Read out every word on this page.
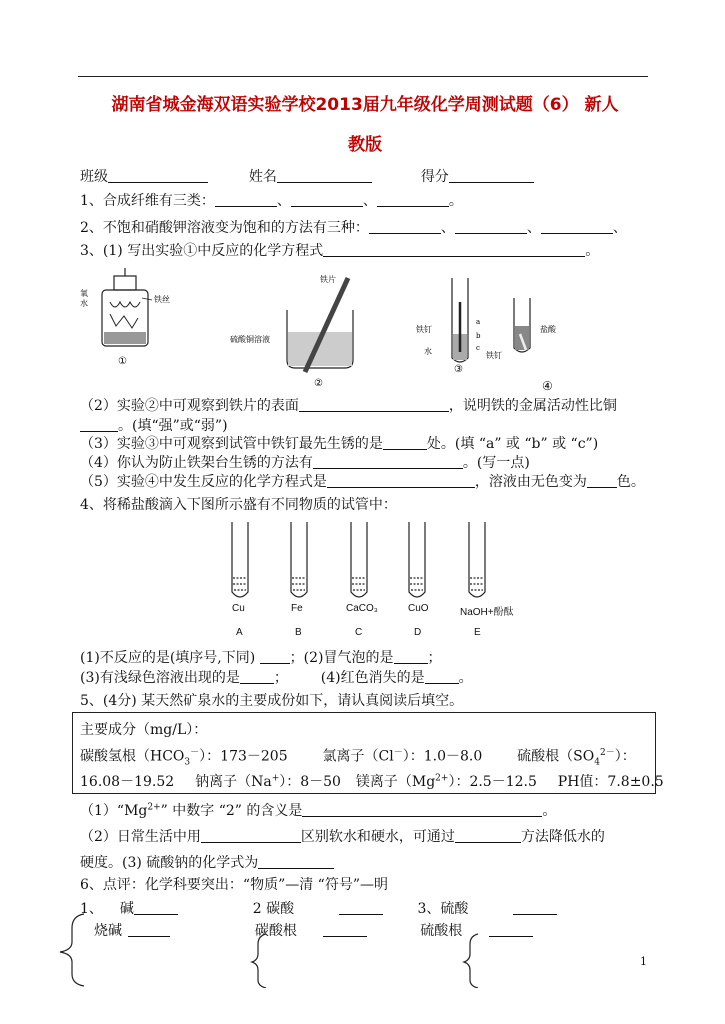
湖南省城金海双语实验学校2013届九年级化学周测试题（6） 新人
教版
班级	姓名	得分
1、合成纤维有三类：	、	、	。
2、不饱和硝酸钾溶液变为饱和的方法有三种：	、	、	、
3、(1) 写出实验①中反应的化学方程式	。
氧
水	铁丝
①
铁片
硫酸铜溶液
②
铁钉
水
a
b
c
③
盐酸
铁钉
④
（2）实验②中可观察到铁片的表面	，说明铁的金属活动性比铜
。(填“强”或“弱”)
（3）实验③中可观察到试管中铁钉最先生锈的是	处。(填 “a” 或 “b” 或 “c”)
（4）你认为防止铁架台生锈的方法有	。(写一点)
（5）实验④中发生反应的化学方程式是	，溶液由无色变为 色。
4、将稀盐酸滴入下图所示盛有不同物质的试管中：
Cu	Fe	CaCO₃	CuO	NaOH+酚酞
A	B	C	D	E
(1)不反应的是(填序号,下同) ；(2)冒气泡的是 ；
(3)有浅绿色溶液出现的是 ； (4)红色消失的是 。
5、(4分) 某天然矿泉水的主要成份如下，请认真阅读后填空。
主要成分（mg/L）：
碳酸氢根$(HCO_3^-)$：173－205 氯离子（Cl－）：1.0－8.0 硫酸根$(SO_4^{2-})$：
16.08－19.52 钠离子（Na+）：8－50 镁离子$(Mg^{2+})$：2.5－12.5 PH值：7.8±0.5
$(1)“Mg^{2+}$” 中数字 “2” 的含义是	。
（2）日常生活中用	区别软水和硬水，可通过	方法降低水的
硬度。(3) 硫酸钠的化学式为
6、点评：化学科要突出：“物质”—清 “符号”—明
1、 碱	2 碳酸	3、硫酸
烧碱	碳酸根	硫酸根
1
